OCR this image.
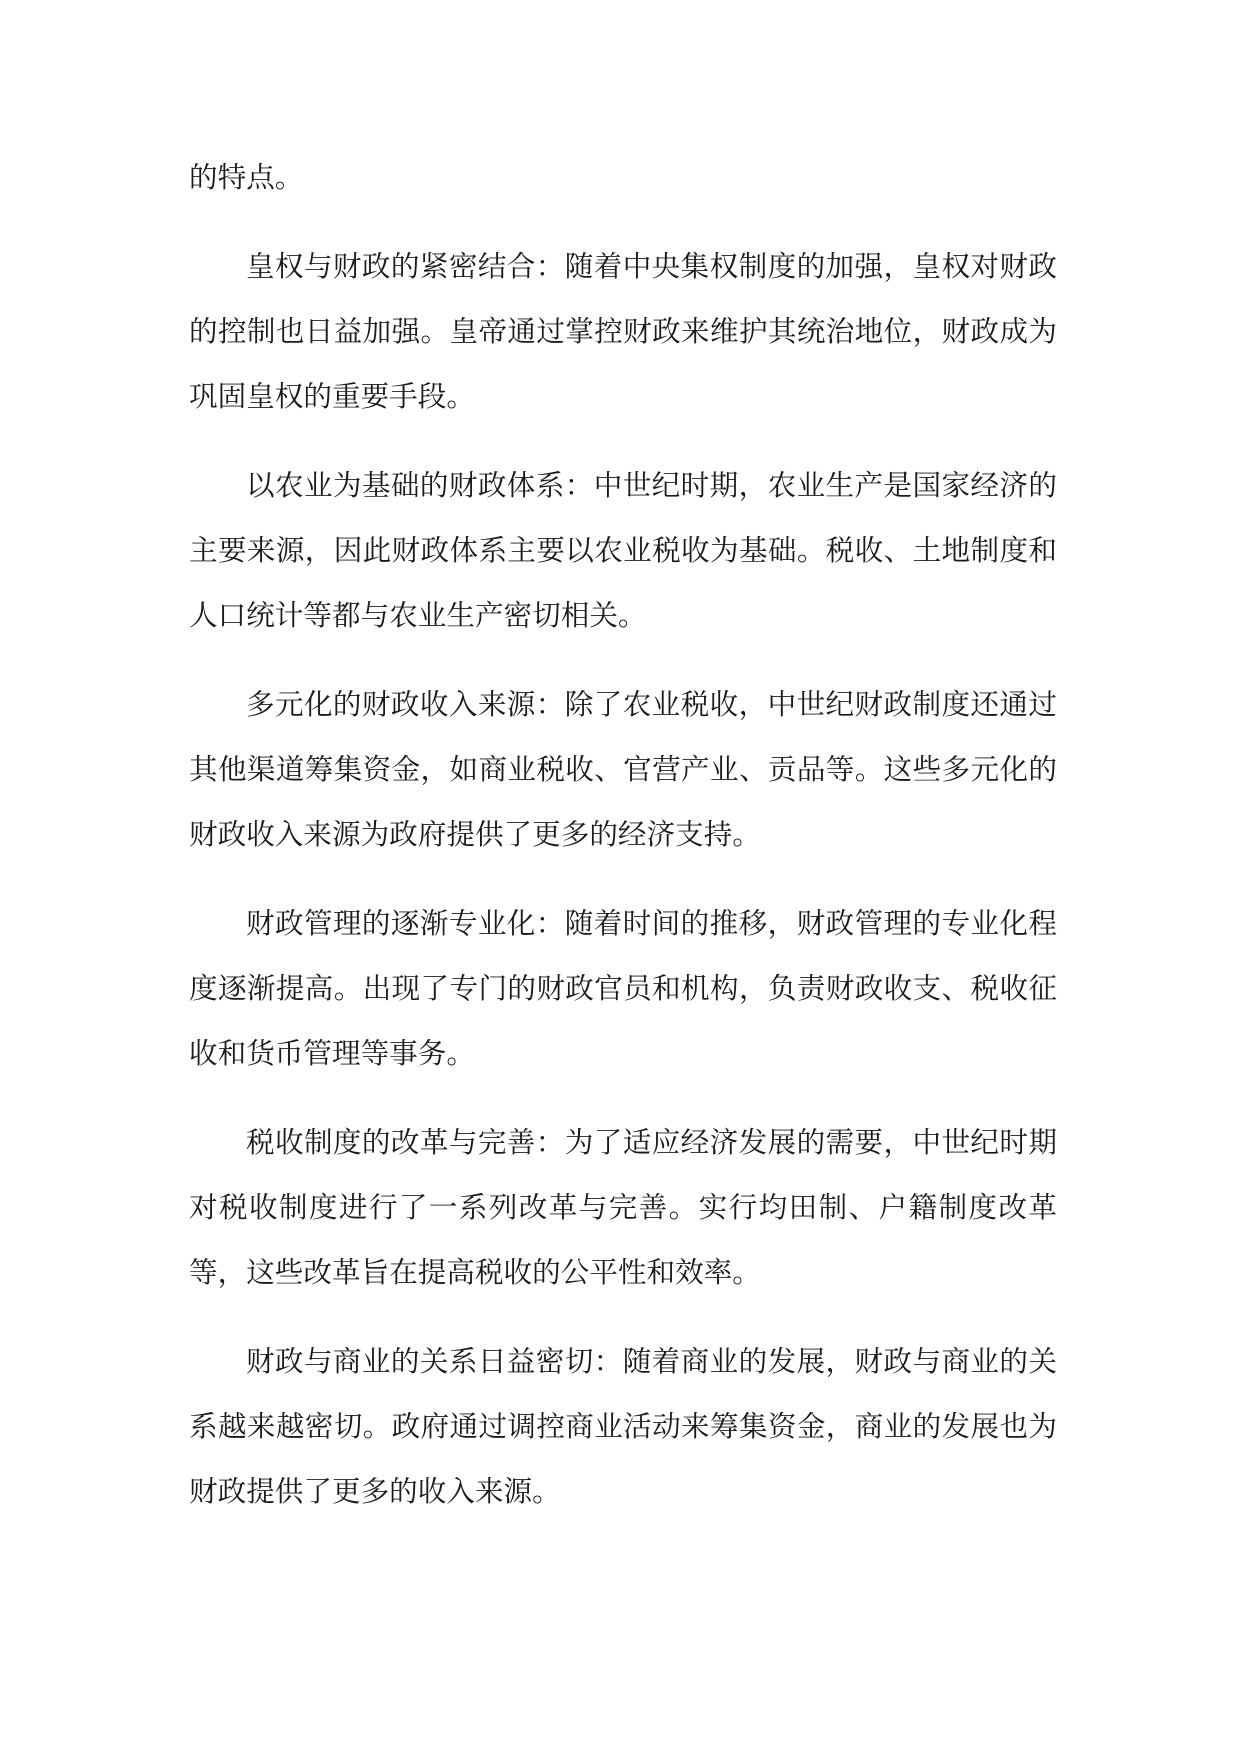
的特点。

皇权与财政的紧密结合：随着中央集权制度的加强，皇权对财政的控制也日益加强。皇帝通过掌控财政来维护其统治地位，财政成为巩固皇权的重要手段。

以农业为基础的财政体系：中世纪时期，农业生产是国家经济的主要来源，因此财政体系主要以农业税收为基础。税收、土地制度和人口统计等都与农业生产密切相关。

多元化的财政收入来源：除了农业税收，中世纪财政制度还通过其他渠道筹集资金，如商业税收、官营产业、贡品等。这些多元化的财政收入来源为政府提供了更多的经济支持。

财政管理的逐渐专业化：随着时间的推移，财政管理的专业化程度逐渐提高。出现了专门的财政官员和机构，负责财政收支、税收征收和货币管理等事务。

税收制度的改革与完善：为了适应经济发展的需要，中世纪时期对税收制度进行了一系列改革与完善。实行均田制、户籍制度改革等，这些改革旨在提高税收的公平性和效率。

财政与商业的关系日益密切：随着商业的发展，财政与商业的关系越来越密切。政府通过调控商业活动来筹集资金，商业的发展也为财政提供了更多的收入来源。
